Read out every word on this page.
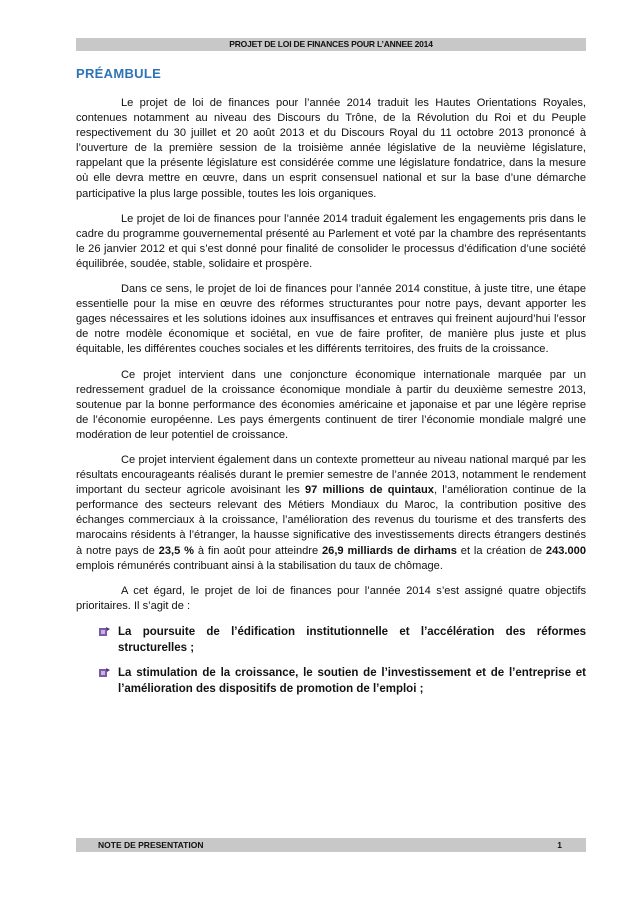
PROJET DE LOI DE FINANCES POUR L’ANNEE 2014
PRÉAMBULE

Le projet de loi de finances pour l’année 2014 traduit les Hautes Orientations Royales, contenues notamment au niveau des Discours du Trône, de la Révolution du Roi et du Peuple respectivement du 30 juillet et 20 août 2013 et du Discours Royal du 11 octobre 2013 prononcé à l’ouverture de la première session de la troisième année législative de la neuvième législature, rappelant que la présente législature est considérée comme une législature fondatrice, dans la mesure où elle devra mettre en œuvre, dans un esprit consensuel national et sur la base d’une démarche participative la plus large possible, toutes les lois organiques.

Le projet de loi de finances pour l’année 2014 traduit également les engagements pris dans le cadre du programme gouvernemental présenté au Parlement et voté par la chambre des représentants le 26 janvier 2012 et qui s’est donné pour finalité de consolider le processus d’édification d’une société équilibrée, soudée, stable, solidaire et prospère.

Dans ce sens, le projet de loi de finances pour l’année 2014 constitue, à juste titre, une étape essentielle pour la mise en œuvre des réformes structurantes pour notre pays, devant apporter les gages nécessaires et les solutions idoines aux insuffisances et entraves qui freinent aujourd’hui l’essor de notre modèle économique et sociétal, en vue de faire profiter, de manière plus juste et plus équitable, les différentes couches sociales et les différents territoires, des fruits de la croissance.

Ce projet intervient dans une conjoncture économique internationale marquée par un redressement graduel de la croissance économique mondiale à partir du deuxième semestre 2013, soutenue par la bonne performance des économies américaine et japonaise et par une légère reprise de l’économie européenne. Les pays émergents continuent de tirer l’économie mondiale malgré une modération de leur potentiel de croissance.

Ce projet intervient également dans un contexte prometteur au niveau national marqué par les résultats encourageants réalisés durant le premier semestre de l’année 2013, notamment le rendement important du secteur agricole avoisinant les 97 millions de quintaux, l’amélioration continue de la performance des secteurs relevant des Métiers Mondiaux du Maroc, la contribution positive des échanges commerciaux à la croissance, l’amélioration des revenus du tourisme et des transferts des marocains résidents à l’étranger, la hausse significative des investissements directs étrangers destinés à notre pays de 23,5 % à fin août pour atteindre 26,9 milliards de dirhams et la création de 243.000 emplois rémunérés contribuant ainsi à la stabilisation du taux de chômage.

A cet égard, le projet de loi de finances pour l’année 2014 s’est assigné quatre objectifs prioritaires. Il s’agit de :

La poursuite de l’édification institutionnelle et l’accélération des réformes structurelles ;
La stimulation de la croissance, le soutien de l’investissement et de l’entreprise et l’amélioration des dispositifs de promotion de l’emploi ;
NOTE DE PRESENTATION	1
